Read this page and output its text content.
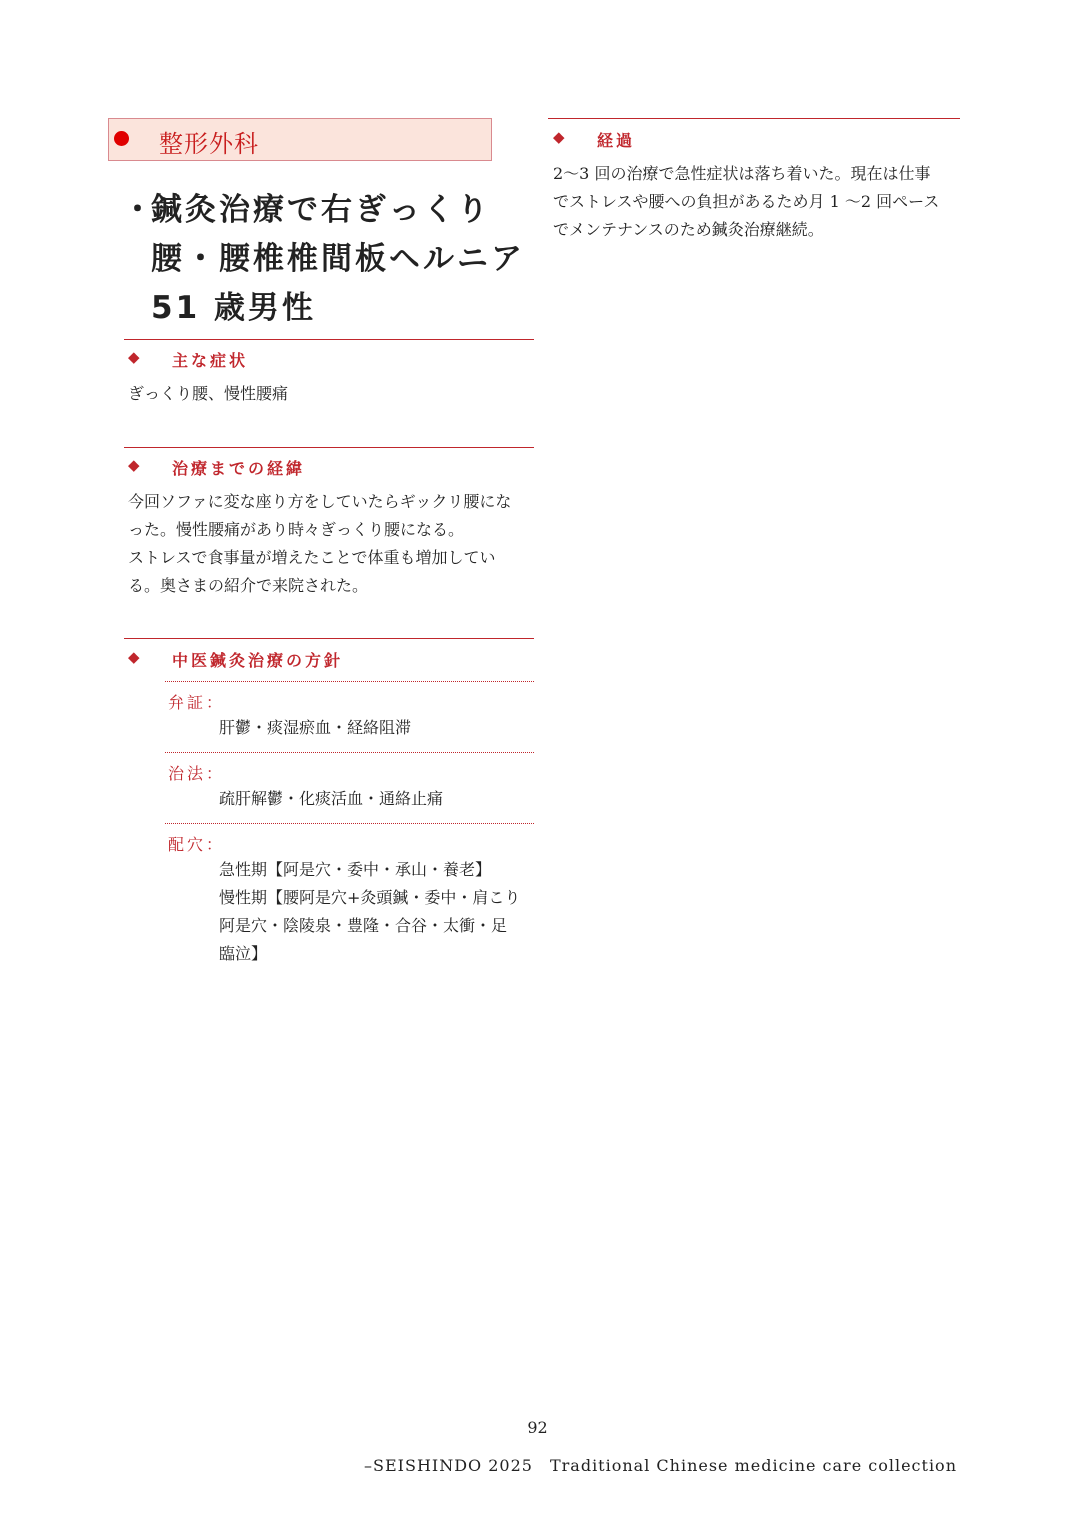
整形外科
・
鍼灸治療で右ぎっくり
腰・腰椎椎間板ヘルニア
51 歳男性
◆ 主な症状

ぎっくり腰、慢性腰痛

◆ 治療までの経緯

今回ソファに変な座り方をしていたらギックリ腰にな

った。慢性腰痛があり時々ぎっくり腰になる。

ストレスで食事量が増えたことで体重も増加してい

る。奥さまの紹介で来院された。

◆ 中医鍼灸治療の方針
弁証：

肝鬱・痰湿瘀血・経絡阻滞

治法：

疏肝解鬱・化痰活血・通絡止痛

配穴：

急性期【阿是穴・委中・承山・養老】

慢性期【腰阿是穴+灸頭鍼・委中・肩こり

阿是穴・陰陵泉・豊隆・合谷・太衝・足

臨泣】

◆ 経過

2〜3 回の治療で急性症状は落ち着いた。現在は仕事

でストレスや腰への負担があるため月 1 〜2 回ペース

でメンテナンスのため鍼灸治療継続。

92
–SEISHINDO 2025　Traditional Chinese medicine care collection
